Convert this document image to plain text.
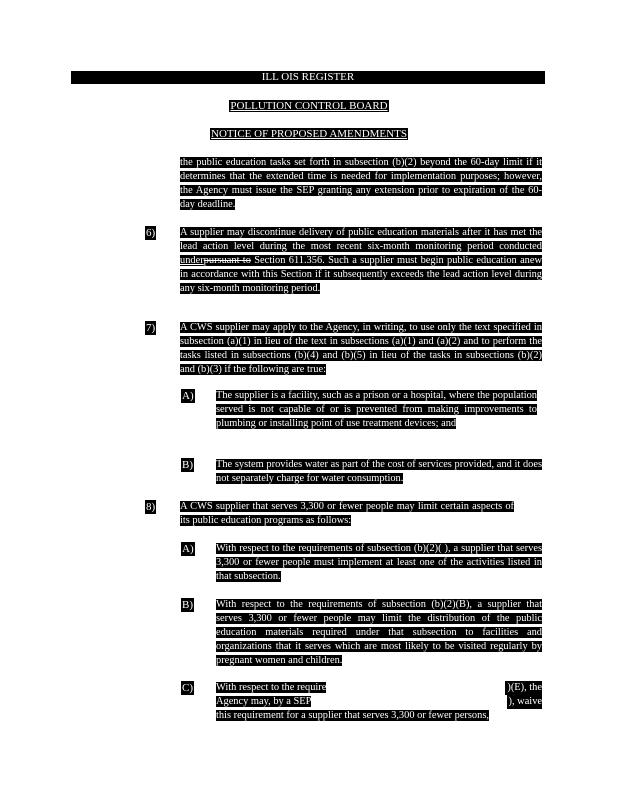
ILL OIS REGISTER
POLLUTION CONTROL BOARD
NOTICE OF PROPOSED AMENDMENTS

the public education tasks set forth in subsection (b)(2) beyond the 60-day limit if it determines that the extended time is needed for implementation purposes; however, the Agency must issue the SEP granting any extension prior to expiration of the 60-day deadline.

6) A supplier may discontinue delivery of public education materials after it has met the lead action level during the most recent six-month monitoring period conducted underpursuant to Section 611.356. Such a supplier must begin public education anew in accordance with this Section if it subsequently exceeds the lead action level during any six-month monitoring period.

7) A CWS supplier may apply to the Agency, in writing, to use only the text specified in subsection (a)(1) in lieu of the text in subsections (a)(1) and (a)(2) and to perform the tasks listed in subsections (b)(4) and (b)(5) in lieu of the tasks in subsections (b)(2) and (b)(3) if the following are true:

A) The supplier is a facility, such as a prison or a hospital, where the population served is not capable of or is prevented from making improvements to plumbing or installing point of use treatment devices; and

B) The system provides water as part of the cost of services provided, and it does not separately charge for water consumption.

8) A CWS supplier that serves 3,300 or fewer people may limit certain aspects of its public education programs as follows:

A) With respect to the requirements of subsection (b)(2)( ), a supplier that serves 3,300 or fewer people must implement at least one of the activities listed in that subsection.

B) With respect to the requirements of subsection (b)(2)(B), a supplier that serves 3,300 or fewer people may limit the distribution of the public education materials required under that subsection to facilities and organizations that it serves which are most likely to be visited regularly by pregnant women and children.

C) With respect to the require	)(E), the
Agency may, by a SEP	), waive
this requirement for a supplier that serves 3,300 or fewer persons,
